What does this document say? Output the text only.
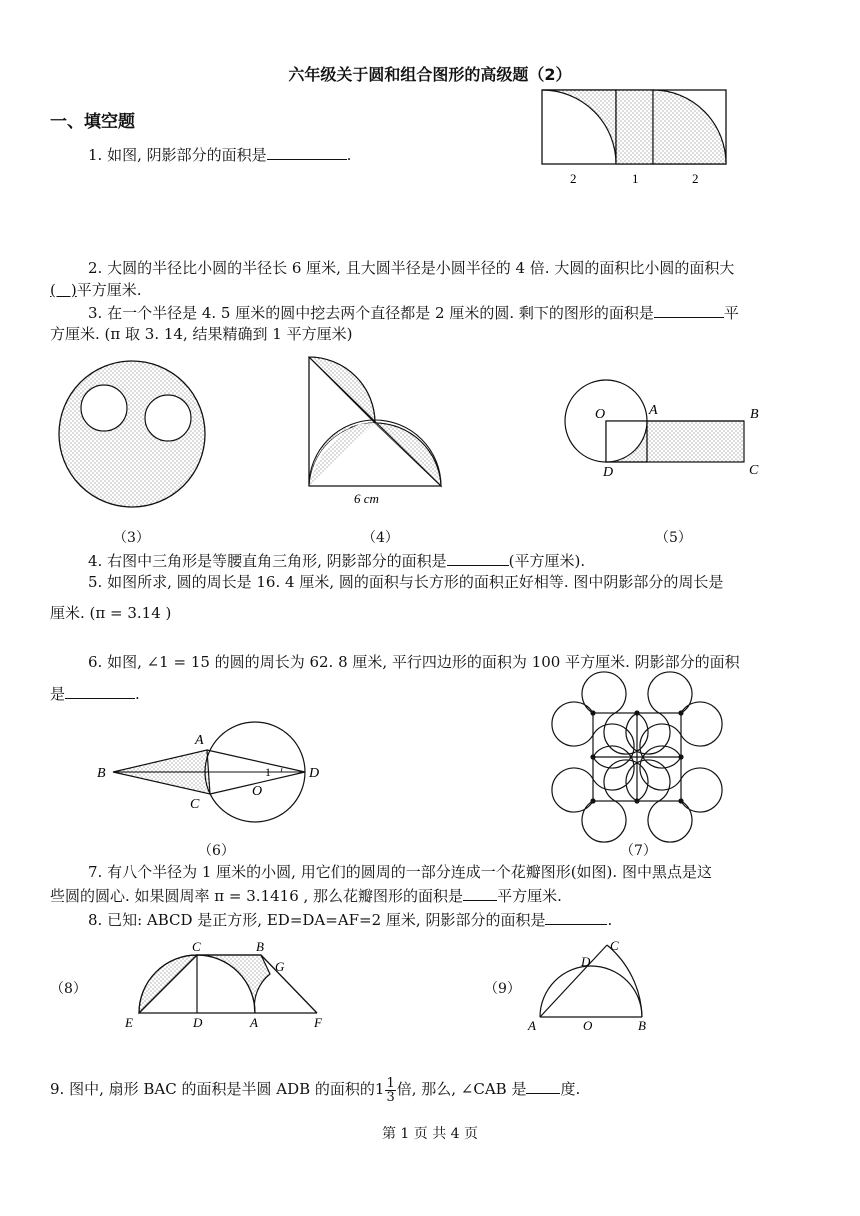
六年级关于圆和组合图形的高级题（2）
一、填空题
1. 如图, 阴影部分的面积是	.
2	1	2
2. 大圆的半径比小圆的半径长 6 厘米, 且大圆半径是小圆半径的 4 倍. 大圆的面积比小圆的面积大
(　)平方厘米.
3. 在一个半径是 4. 5 厘米的圆中挖去两个直径都是 2 厘米的圆. 剩下的图形的面积是	平
方厘米. (π 取 3. 14, 结果精确到 1 平方厘米)
6 cm
O	A	B
C
D
（3）	（4）	（5）
4. 右图中三角形是等腰直角三角形, 阴影部分的面积是	(平方厘米).
5. 如图所求, 圆的周长是 16. 4 厘米, 圆的面积与长方形的面积正好相等. 图中阴影部分的周长是
厘米. (π = 3.14 )
6. 如图, ∠1 = 15 的圆的周长为 62. 8 厘米, 平行四边形的面积为 100 平方厘米. 阴影部分的面积
是	.
A
B
C
D
O
1
（6）	（7）
7. 有八个半径为 1 厘米的小圆, 用它们的圆周的一部分连成一个花瓣图形(如图). 图中黑点是这
些圆的圆心. 如果圆周率 π = 3.1416 , 那么花瓣图形的面积是 平方厘米.
8. 已知: ABCD 是正方形, ED=DA=AF=2 厘米, 阴影部分的面积是	.
（8）
C	B
G
E	D	A	F
（9）
C
D
A	O	B
9. 图中, 扇形 BAC 的面积是半圆 ADB 的面积的$1 \frac{1}{3}$ 倍, 那么, ∠CAB 是 度.
第 1 页 共 4 页
